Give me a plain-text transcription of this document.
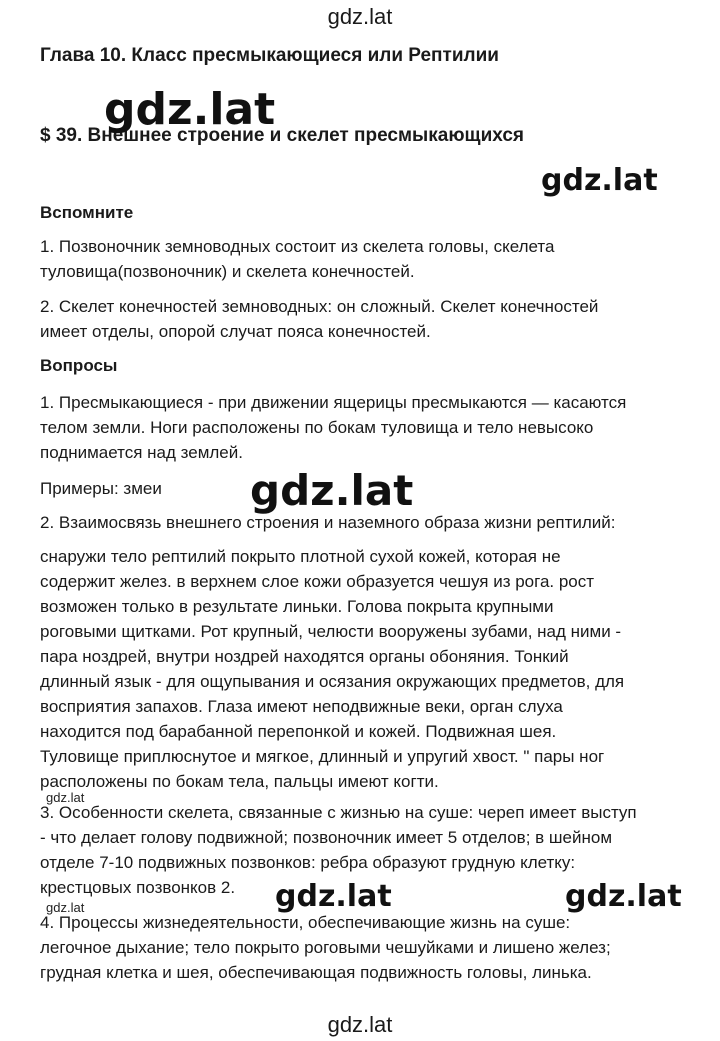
gdz.lat
Глава 10. Класс пресмыкающиеся или Рептилии
$ 39. Внешнее строение и скелет пресмыкающихся
Вспомните
1. Позвоночник земноводных состоит из скелета головы, скелета
туловища(позвоночник) и скелета конечностей.
2. Скелет конечностей земноводных: он сложный. Скелет конечностей
имеет отделы, опорой случат пояса конечностей.
Вопросы
1. Пресмыкающиеся - при движении ящерицы пресмыкаются — касаются
телом земли. Ноги расположены по бокам туловища и тело невысоко
поднимается над землей.
Примеры: змеи
2. Взаимосвязь внешнего строения и наземного образа жизни рептилий:
снаружи тело рептилий покрыто плотной сухой кожей, которая не
содержит желез. в верхнем слое кожи образуется чешуя из рога. рост
возможен только в результате линьки. Голова покрыта крупными
роговыми щитками. Рот крупный, челюсти вооружены зубами, над ними -
пара ноздрей, внутри ноздрей находятся органы обоняния. Тонкий
длинный язык - для ощупывания и осязания окружающих предметов, для
восприятия запахов. Глаза имеют неподвижные веки, орган слуха
находится под барабанной перепонкой и кожей. Подвижная шея.
Туловище приплюснутое и мягкое, длинный и упругий хвост. " пары ног
расположены по бокам тела, пальцы имеют когти.
3. Особенности скелета, связанные с жизнью на суше: череп имеет выступ
- что делает голову подвижной; позвоночник имеет 5 отделов; в шейном
отделе 7-10 подвижных позвонков: ребра образуют грудную клетку:
крестцовых позвонков 2.
4. Процессы жизнедеятельности, обеспечивающие жизнь на суше:
легочное дыхание; тело покрыто роговыми чешуйками и лишено желез;
грудная клетка и шея, обеспечивающая подвижность головы, линька.
gdz.lat
gdz.lat
gdz.lat
gdz.lat	gdz.lat
gdz.lat
gdz.lat
gdz.lat
